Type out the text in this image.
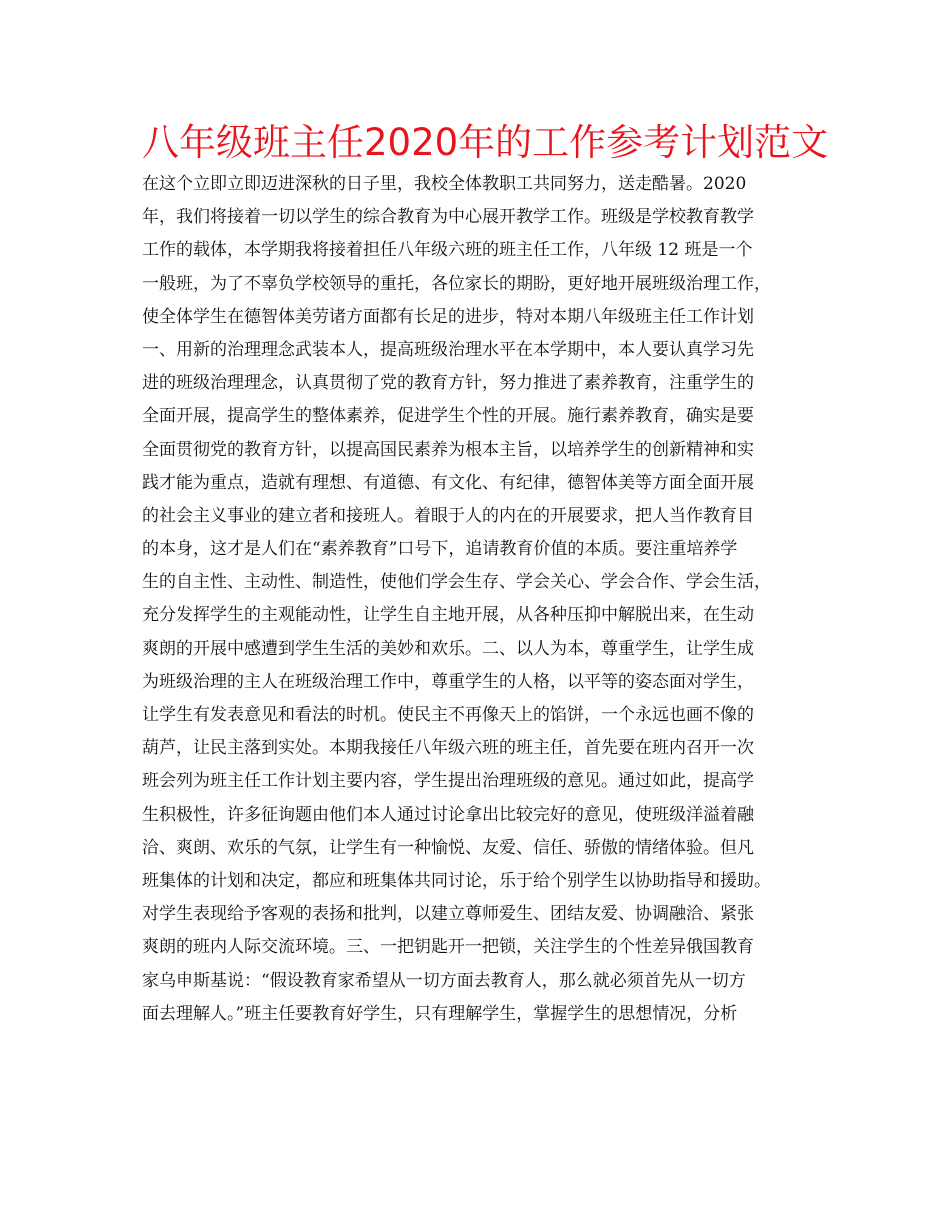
八年级班主任2020年的工作参考计划范文
在这个立即立即迈进深秋的日子里，我校全体教职工共同努力，送走酷暑。2020
年，我们将接着一切以学生的综合教育为中心展开教学工作。班级是学校教育教学
工作的载体，本学期我将接着担任八年级六班的班主任工作，八年级 12 班是一个
一般班，为了不辜负学校领导的重托，各位家长的期盼，更好地开展班级治理工作，
使全体学生在德智体美劳诸方面都有长足的进步，特对本期八年级班主任工作计划
一、用新的治理理念武装本人，提高班级治理水平在本学期中，本人要认真学习先
进的班级治理理念，认真贯彻了党的教育方针，努力推进了素养教育，注重学生的
全面开展，提高学生的整体素养，促进学生个性的开展。施行素养教育，确实是要
全面贯彻党的教育方针，以提高国民素养为根本主旨，以培养学生的创新精神和实
践才能为重点，造就有理想、有道德、有文化、有纪律，德智体美等方面全面开展
的社会主义事业的建立者和接班人。着眼于人的内在的开展要求，把人当作教育目
的本身，这才是人们在“素养教育”口号下，追请教育价值的本质。要注重培养学
生的自主性、主动性、制造性，使他们学会生存、学会关心、学会合作、学会生活，
充分发挥学生的主观能动性，让学生自主地开展，从各种压抑中解脱出来，在生动
爽朗的开展中感遭到学生生活的美妙和欢乐。二、以人为本，尊重学生，让学生成
为班级治理的主人在班级治理工作中，尊重学生的人格，以平等的姿态面对学生，
让学生有发表意见和看法的时机。使民主不再像天上的馅饼，一个永远也画不像的
葫芦，让民主落到实处。本期我接任八年级六班的班主任，首先要在班内召开一次
班会列为班主任工作计划主要内容，学生提出治理班级的意见。通过如此，提高学
生积极性，许多征询题由他们本人通过讨论拿出比较完好的意见，使班级洋溢着融
洽、爽朗、欢乐的气氛，让学生有一种愉悦、友爱、信任、骄傲的情绪体验。但凡
班集体的计划和决定，都应和班集体共同讨论，乐于给个别学生以协助指导和援助。
对学生表现给予客观的表扬和批判，以建立尊师爱生、团结友爱、协调融洽、紧张
爽朗的班内人际交流环境。三、一把钥匙开一把锁，关注学生的个性差异俄国教育
家乌申斯基说：“假设教育家希望从一切方面去教育人，那么就必须首先从一切方
面去理解人。”班主任要教育好学生，只有理解学生，掌握学生的思想情况，分析
